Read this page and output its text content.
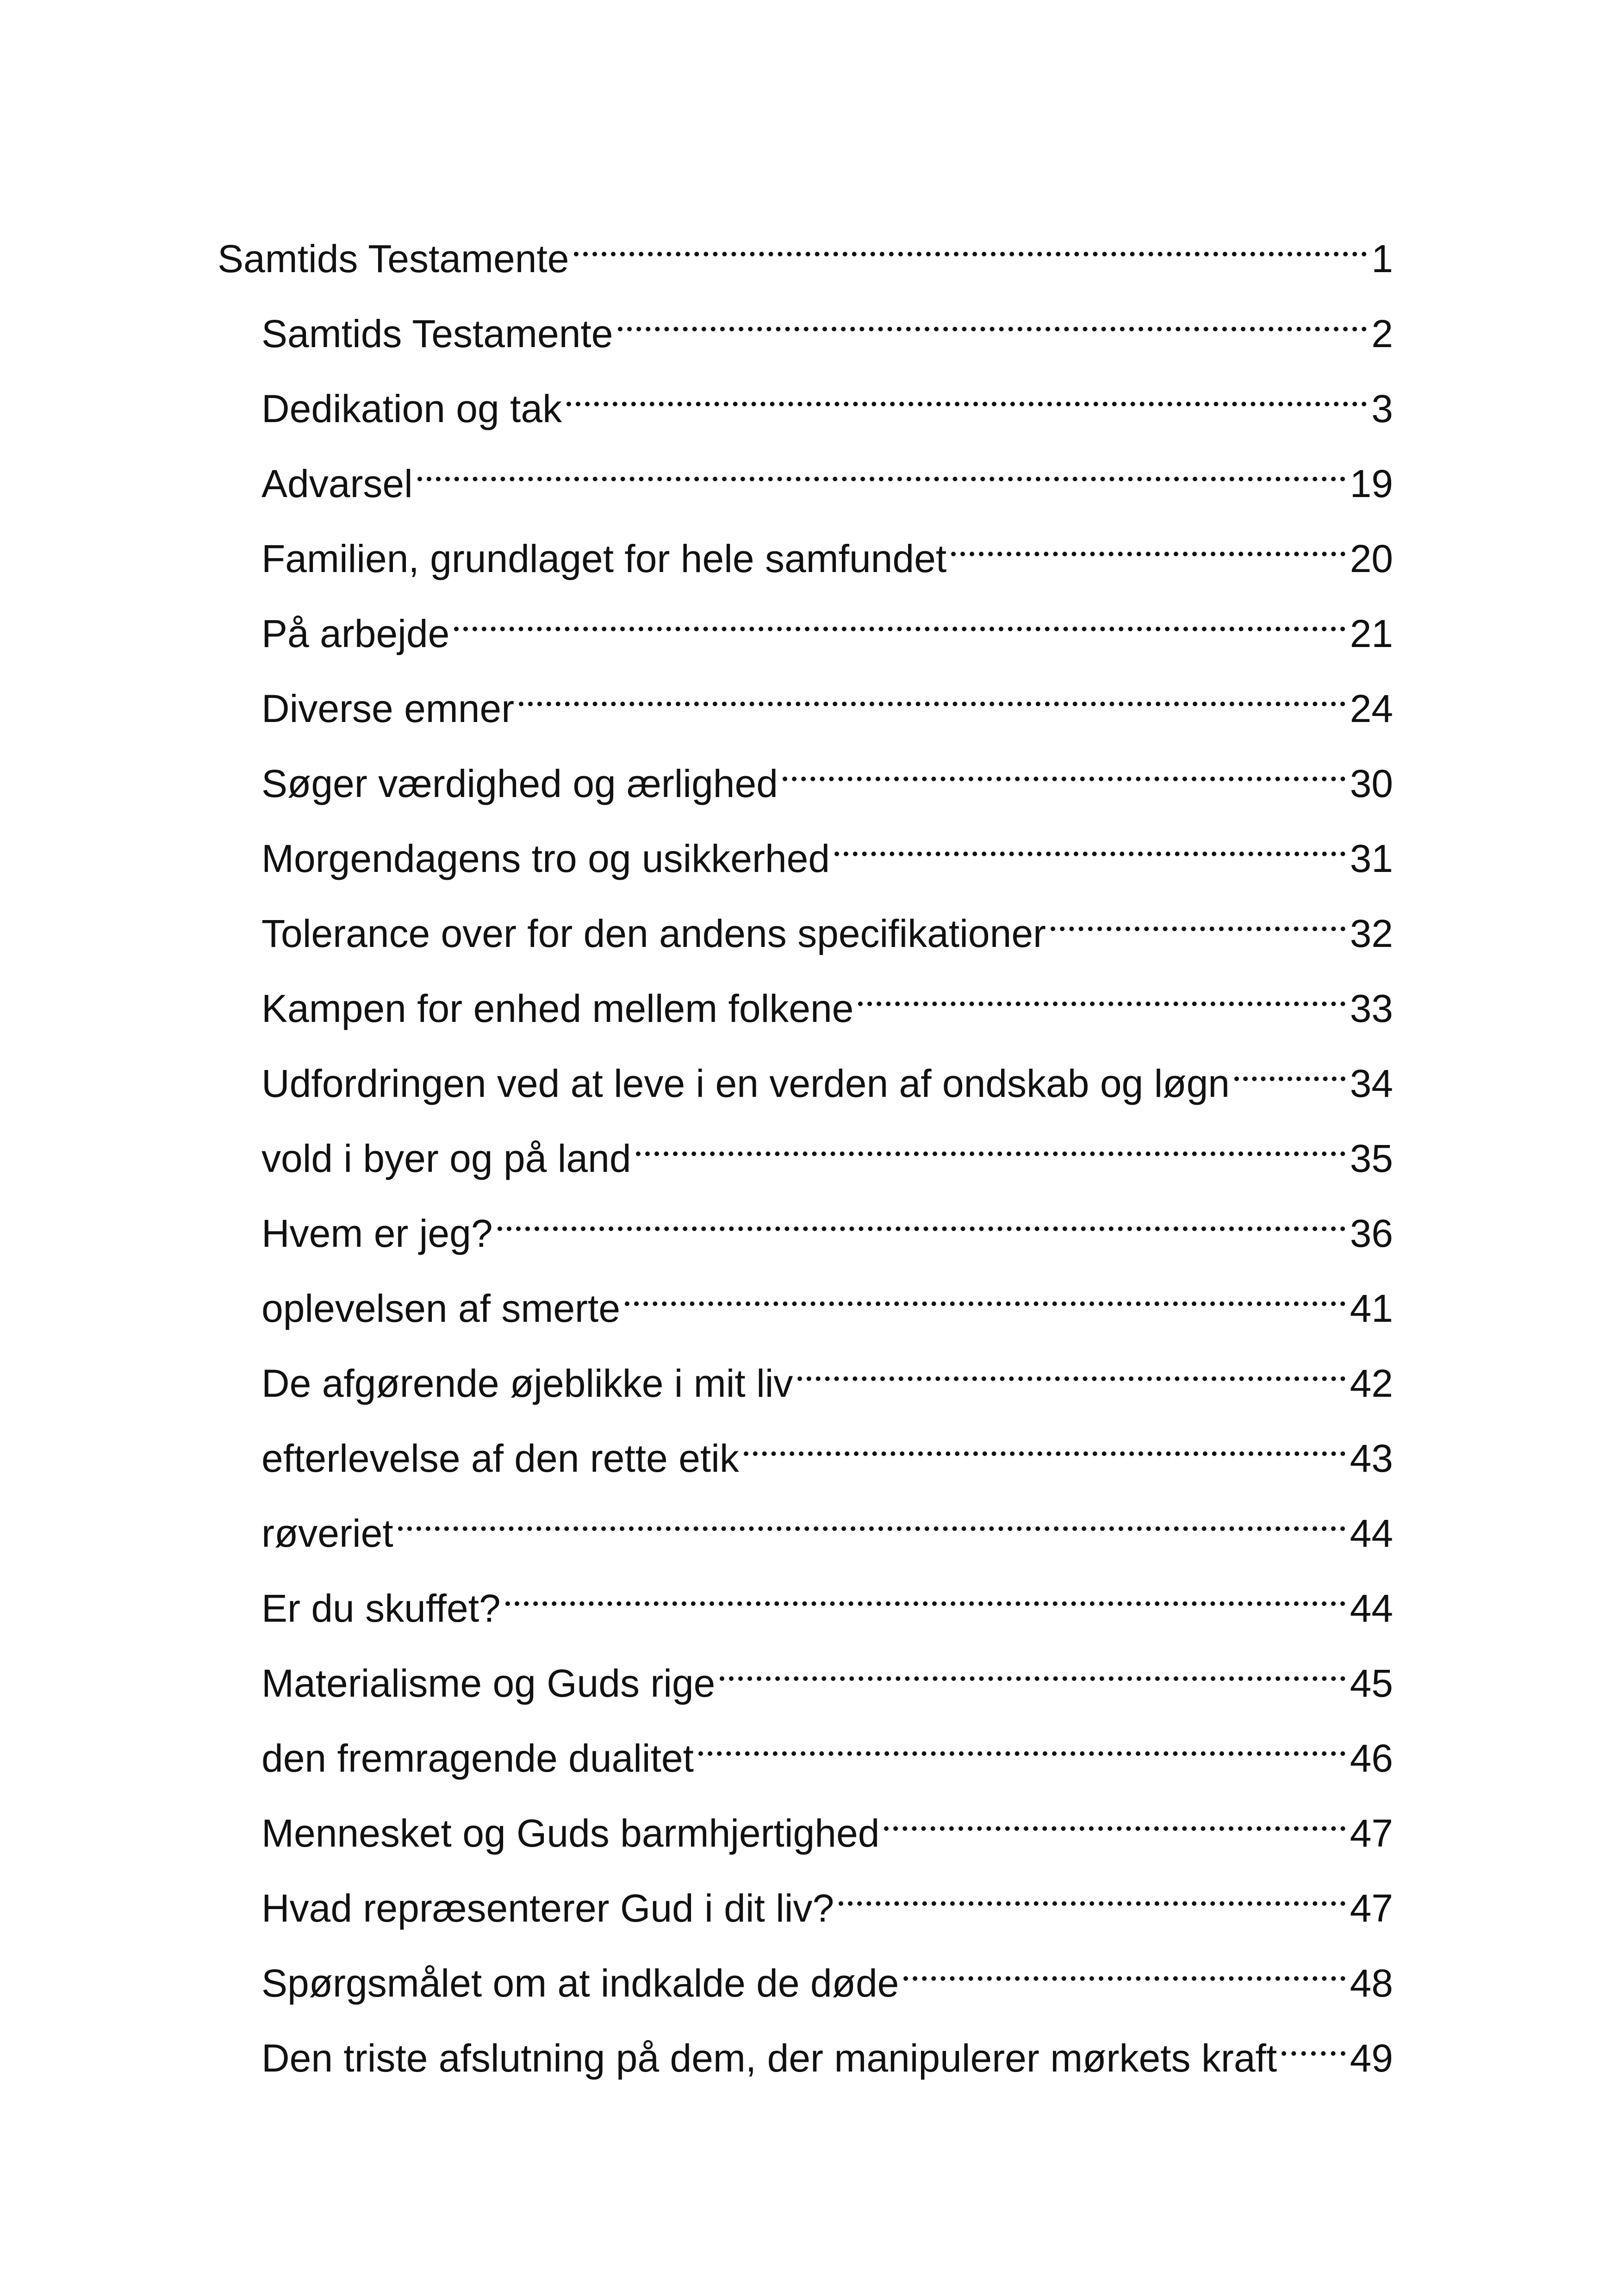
Samtids Testamente	1
Samtids Testamente	2
Dedikation og tak	3
Advarsel	19
Familien, grundlaget for hele samfundet	20
På arbejde	21
Diverse emner	24
Søger værdighed og ærlighed	30
Morgendagens tro og usikkerhed	31
Tolerance over for den andens specifikationer	32
Kampen for enhed mellem folkene	33
Udfordringen ved at leve i en verden af ondskab og løgn	34
vold i byer og på land	35
Hvem er jeg?	36
oplevelsen af smerte	41
De afgørende øjeblikke i mit liv	42
efterlevelse af den rette etik	43
røveriet	44
Er du skuffet?	44
Materialisme og Guds rige	45
den fremragende dualitet	46
Mennesket og Guds barmhjertighed	47
Hvad repræsenterer Gud i dit liv?	47
Spørgsmålet om at indkalde de døde	48
Den triste afslutning på dem, der manipulerer mørkets kraft 49
